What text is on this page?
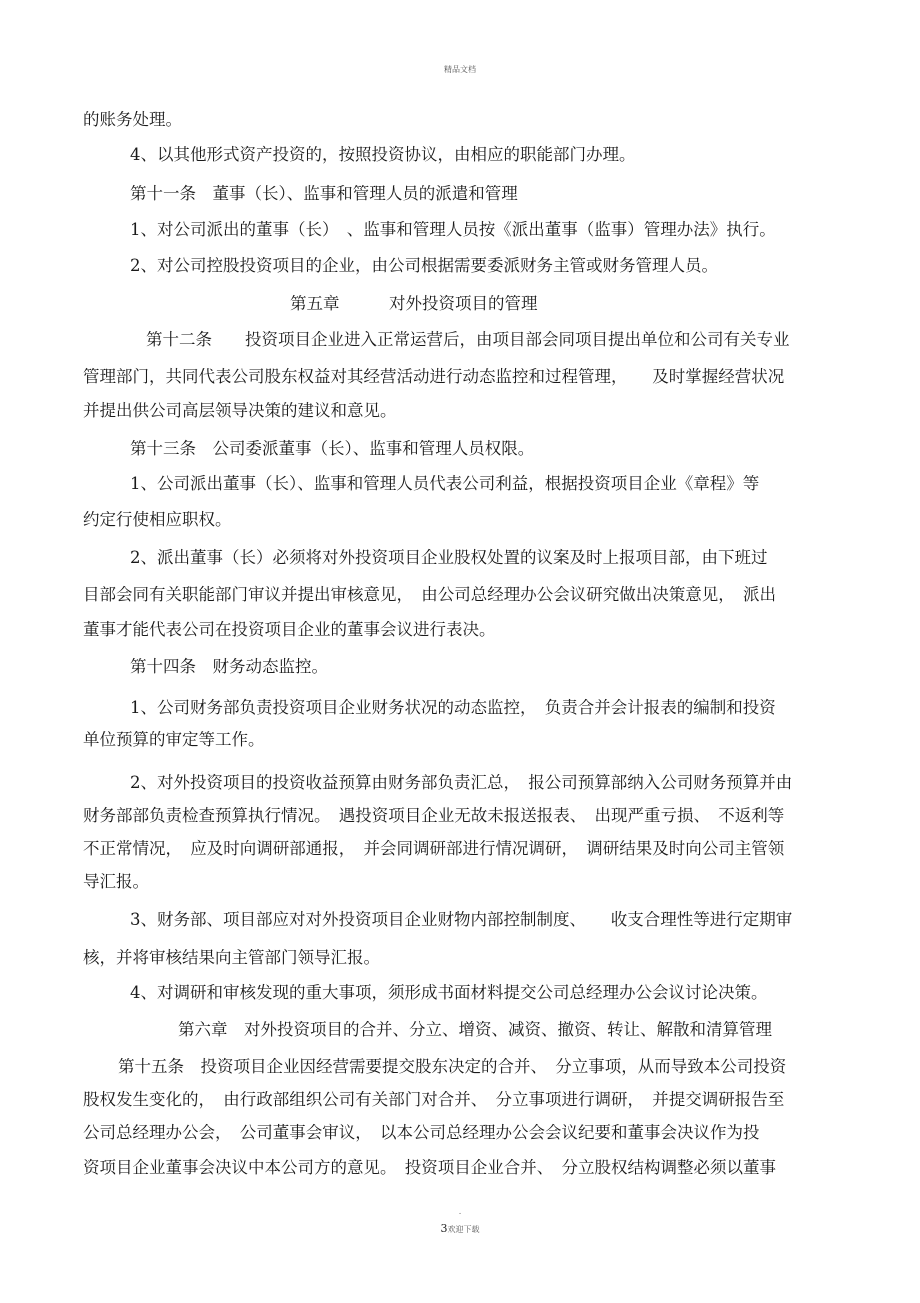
精品文档

的账务处理。

4、以其他形式资产投资的，按照投资协议，由相应的职能部门办理。

第十一条　董事（长）、监事和管理人员的派遣和管理

1、对公司派出的董事（长）　、监事和管理人员按《派出董事（监事）管理办法》执行。

2、对公司控股投资项目的企业，由公司根据需要委派财务主管或财务管理人员。

第五章　　　对外投资项目的管理

第十二条　　投资项目企业进入正常运营后，由项目部会同项目提出单位和公司有关专业

管理部门，共同代表公司股东权益对其经营活动进行动态监控和过程管理，　　及时掌握经营状况

并提出供公司高层领导决策的建议和意见。

第十三条　公司委派董事（长）、监事和管理人员权限。

1、公司派出董事（长）、监事和管理人员代表公司利益，根据投资项目企业《章程》等

约定行使相应职权。

2、派出董事（长）必须将对外投资项目企业股权处置的议案及时上报项目部，由下班过

目部会同有关职能部门审议并提出审核意见，　由公司总经理办公会议研究做出决策意见，　派出

董事才能代表公司在投资项目企业的董事会议进行表决。

第十四条　财务动态监控。

1、公司财务部负责投资项目企业财务状况的动态监控，　负责合并会计报表的编制和投资

单位预算的审定等工作。

2、对外投资项目的投资收益预算由财务部负责汇总，　报公司预算部纳入公司财务预算并由

财务部部负责检查预算执行情况。　遇投资项目企业无故未报送报表、　出现严重亏损、　不返利等

不正常情况，　应及时向调研部通报，　并会同调研部进行情况调研，　调研结果及时向公司主管领

导汇报。

3、财务部、项目部应对对外投资项目企业财物内部控制制度、　　收支合理性等进行定期审

核，并将审核结果向主管部门领导汇报。

4、对调研和审核发现的重大事项，须形成书面材料提交公司总经理办公会议讨论决策。

第六章　对外投资项目的合并、分立、增资、减资、撤资、转让、解散和清算管理

第十五条　投资项目企业因经营需要提交股东决定的合并、　分立事项，从而导致本公司投资

股权发生变化的，　由行政部组织公司有关部门对合并、　分立事项进行调研，　并提交调研报告至

公司总经理办公会，　公司董事会审议，　以本公司总经理办公会会议纪要和董事会决议作为投

资项目企业董事会决议中本公司方的意见。　投资项目企业合并、　分立股权结构调整必须以董事

.
3欢迎下载
